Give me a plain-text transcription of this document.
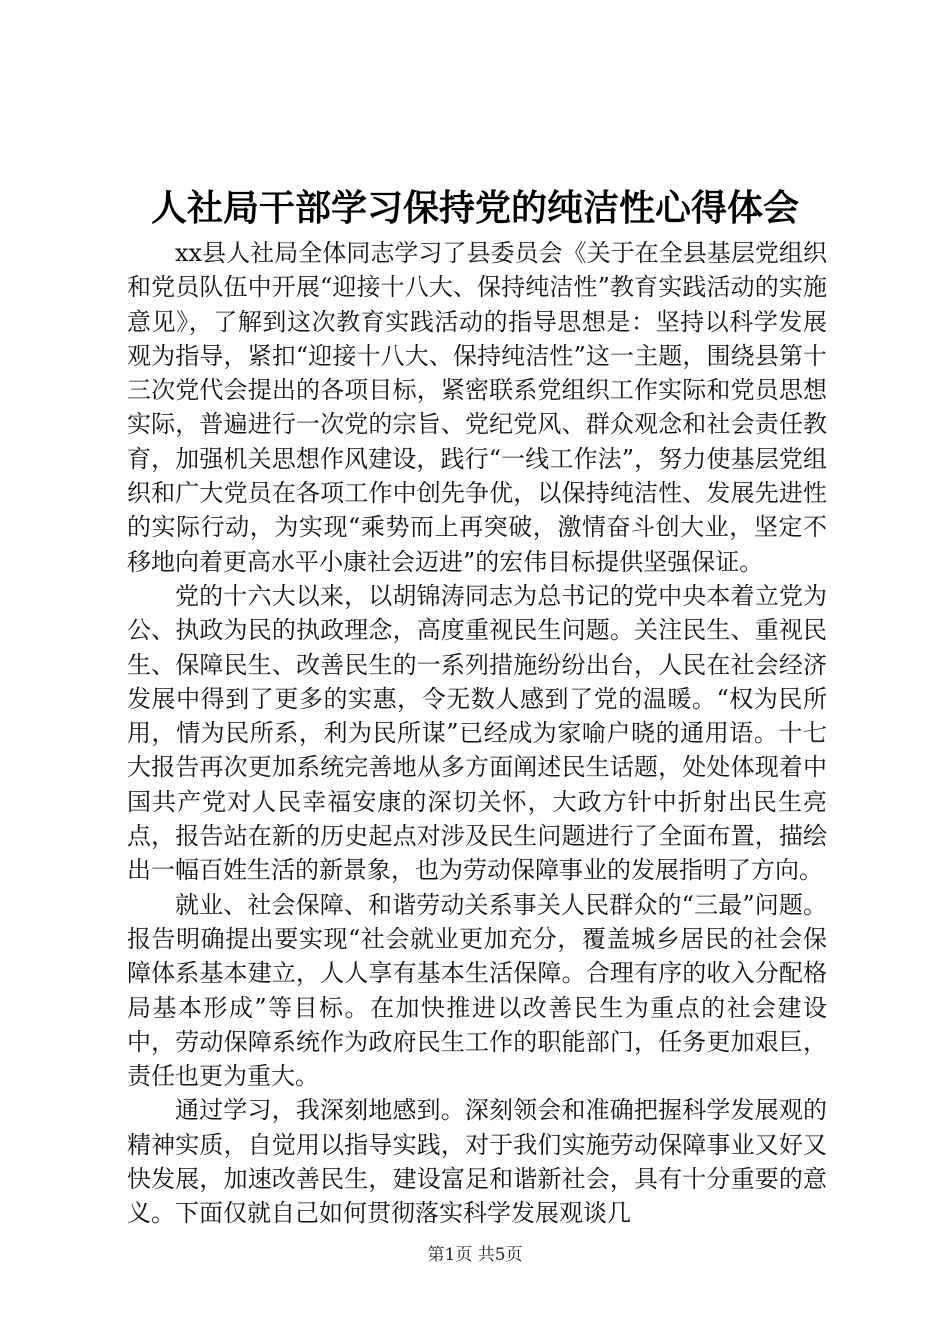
人社局干部学习保持党的纯洁性心得体会

xx县人社局全体同志学习了县委员会《关于在全县基层党组织和党员队伍中开展“迎接十八大、保持纯洁性”教育实践活动的实施意见》，了解到这次教育实践活动的指导思想是：坚持以科学发展观为指导，紧扣“迎接十八大、保持纯洁性”这一主题，围绕县第十三次党代会提出的各项目标，紧密联系党组织工作实际和党员思想实际，普遍进行一次党的宗旨、党纪党风、群众观念和社会责任教育，加强机关思想作风建设，践行“一线工作法”，努力使基层党组织和广大党员在各项工作中创先争优，以保持纯洁性、发展先进性的实际行动，为实现“乘势而上再突破，激情奋斗创大业，坚定不移地向着更高水平小康社会迈进”的宏伟目标提供坚强保证。

党的十六大以来，以胡锦涛同志为总书记的党中央本着立党为公、执政为民的执政理念，高度重视民生问题。关注民生、重视民生、保障民生、改善民生的一系列措施纷纷出台，人民在社会经济发展中得到了更多的实惠，令无数人感到了党的温暖。“权为民所用，情为民所系，利为民所谋”已经成为家喻户晓的通用语。十七大报告再次更加系统完善地从多方面阐述民生话题，处处体现着中国共产党对人民幸福安康的深切关怀，大政方针中折射出民生亮点，报告站在新的历史起点对涉及民生问题进行了全面布置，描绘出一幅百姓生活的新景象，也为劳动保障事业的发展指明了方向。

就业、社会保障、和谐劳动关系事关人民群众的“三最”问题。报告明确提出要实现“社会就业更加充分，覆盖城乡居民的社会保障体系基本建立，人人享有基本生活保障。合理有序的收入分配格局基本形成”等目标。在加快推进以改善民生为重点的社会建设中，劳动保障系统作为政府民生工作的职能部门，任务更加艰巨，责任也更为重大。

通过学习，我深刻地感到。深刻领会和准确把握科学发展观的精神实质，自觉用以指导实践，对于我们实施劳动保障事业又好又快发展，加速改善民生，建设富足和谐新社会，具有十分重要的意义。下面仅就自己如何贯彻落实科学发展观谈几

第1页 共5页
